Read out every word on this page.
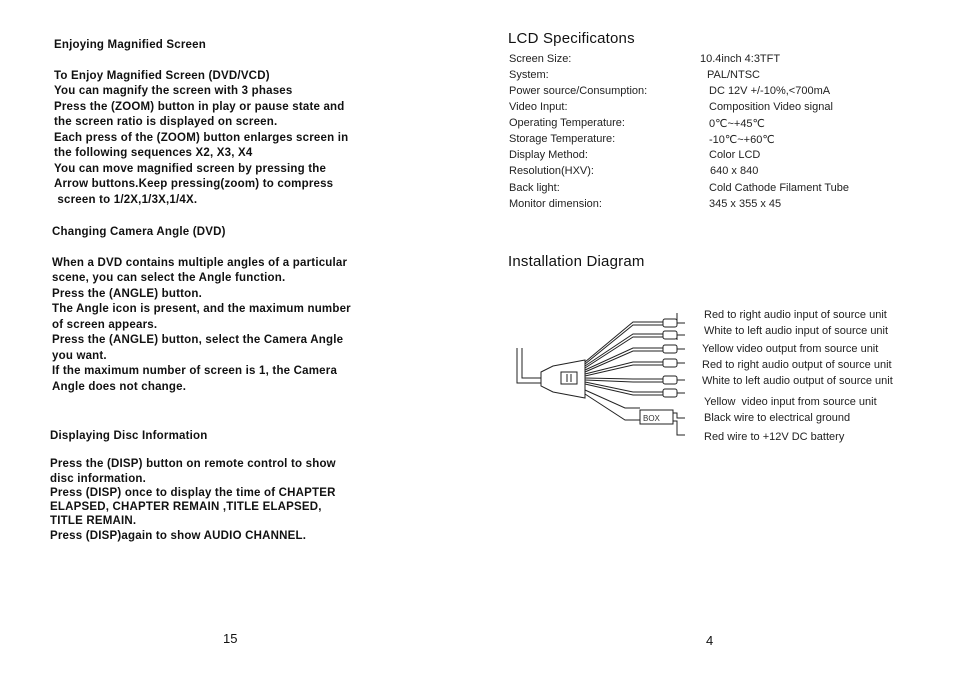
Enjoying Magnified Screen
To Enjoy Magnified Screen (DVD/VCD)
You can magnify the screen with 3 phases
Press the (ZOOM) button in play or pause state and
the screen ratio is displayed on screen.
Each press of the (ZOOM) button enlarges screen in
the following sequences X2, X3, X4
You can move magnified screen by pressing the
Arrow buttons.Keep pressing(zoom) to compress
screen to 1/2X,1/3X,1/4X.
Changing Camera Angle (DVD)
When a DVD contains multiple angles of a particular
scene, you can select the Angle function.
Press the (ANGLE) button.
The Angle icon is present, and the maximum number
of screen appears.
Press the (ANGLE) button, select the Camera Angle
you want.
If the maximum number of screen is 1, the Camera
Angle does not change.
Displaying Disc Information
Press the (DISP) button on remote control to show
disc information.
Press (DISP) once to display the time of CHAPTER
ELAPSED, CHAPTER REMAIN ,TITLE ELAPSED,
TITLE REMAIN.
Press (DISP)again to show AUDIO CHANNEL.
15
LCD Specificatons
Screen Size:	10.4inch 4:3TFT
System:	PAL/NTSC
Power source/Consumption:	DC 12V +/-10%,<700mA
Video Input:	Composition Video signal
Operating Temperature:	0℃~+45℃
Storage Temperature:	-10℃~+60℃
Display Method:	Color LCD
Resolution(HXV):	640 x 840
Back light:	Cold Cathode Filament Tube
Monitor dimension:	345 x 355 x 45
Installation Diagram
BOX
Red to right audio input of source unit
White to left audio input of source unit
Yellow video output from source unit
Red to right audio output of source unit
White to left audio output of source unit
Yellow  video input from source unit
Black wire to electrical ground
Red wire to +12V DC battery
4
